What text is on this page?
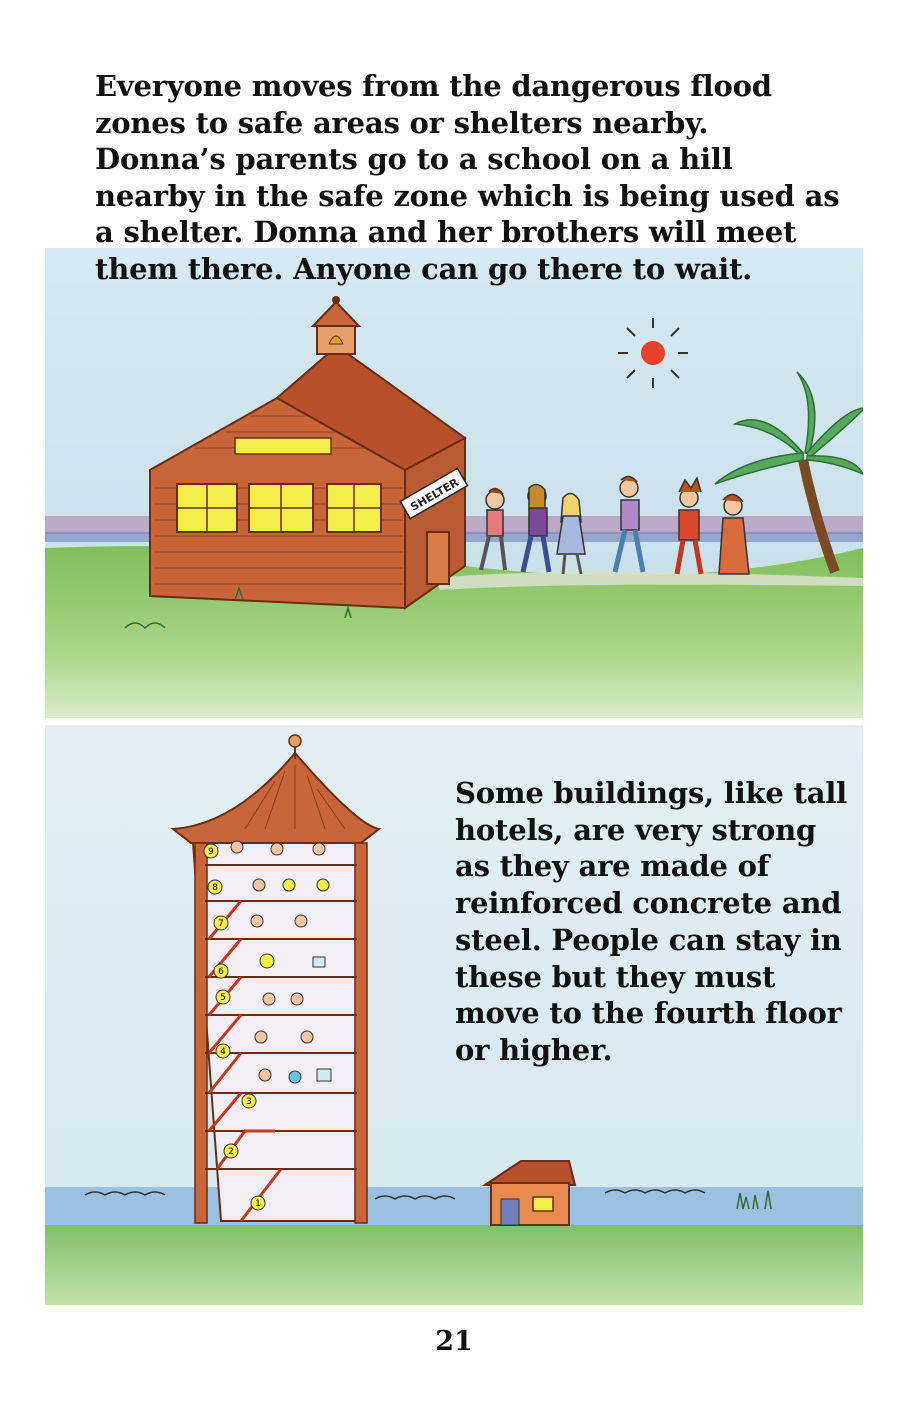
SHELTER
1
2
3
4
5
6
7
8
9

Everyone moves from the dangerous flood zones to safe areas or shelters nearby. Donna’s parents go to a school on a hill nearby in the safe zone which is being used as a shelter. Donna and her brothers will meet them there. Anyone can go there to wait.

Some buildings, like tall hotels, are very strong as they are made of reinforced concrete and steel. People can stay in these but they must move to the fourth floor or higher.

21
